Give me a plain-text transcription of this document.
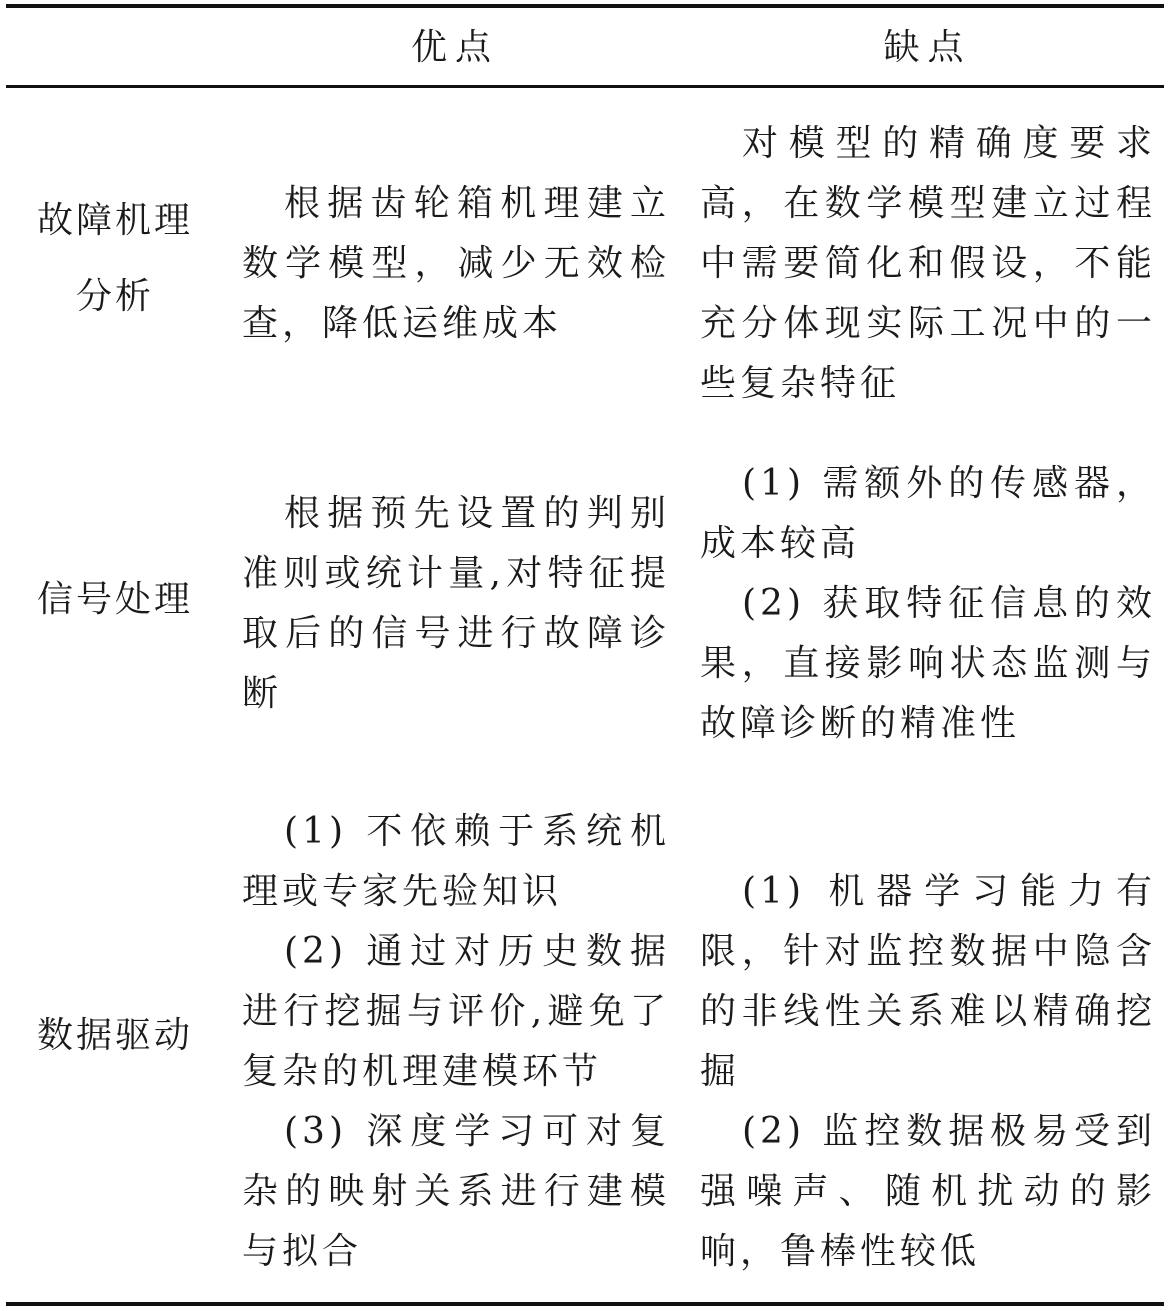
优点	缺点
故障机理分析

根据齿轮箱机理建立数学模型，减少无效检查，降低运维成本

对模型的精确度要求高，在数学模型建立过程中需要简化和假设，不能充分体现实际工况中的一些复杂特征

信号处理

根据预先设置的判别准则或统计量,对特征提取后的信号进行故障诊断

(1) 需额外的传感器，成本较高

(2) 获取特征信息的效果，直接影响状态监测与故障诊断的精准性

数据驱动

(1) 不依赖于系统机理或专家先验知识

(2) 通过对历史数据进行挖掘与评价,避免了复杂的机理建模环节

(3) 深度学习可对复杂的映射关系进行建模与拟合

(1) 机器学习能力有限，针对监控数据中隐含的非线性关系难以精确挖掘

(2) 监控数据极易受到强噪声、随机扰动的影响，鲁棒性较低
